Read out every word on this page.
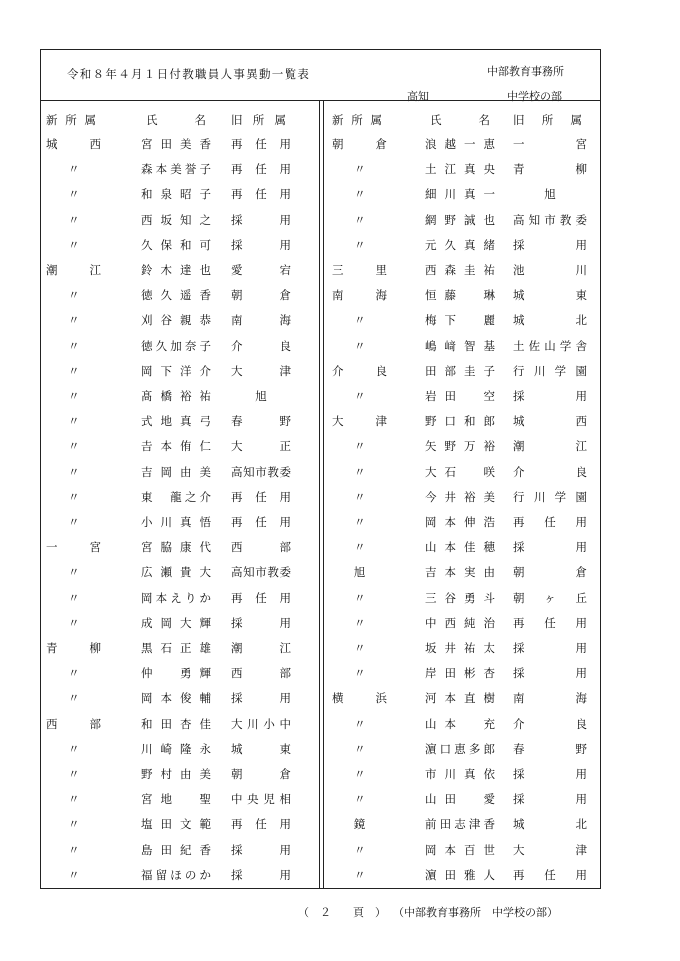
令和８年４月１日付教職員人事異動一覧表	中部教育事務所
高知	中学校の部
新所属	氏　名 旧所属
城　西	宮田美香 再任用
〃	森本美誉子 再任用
〃	和泉昭子 再任用
〃	西坂知之 採　用
〃	久保和可 採　用
潮　江	鈴木達也 愛　宕
〃	徳久遥香 朝　倉
〃	刈谷親恭 南　海
〃	徳久加奈子 介　良
〃	岡下洋介 大　津
〃	髙橋裕祐	旭
〃	式地真弓 春　野
〃	𠮷本侑仁 大　正
〃	吉岡由美 高知市教委
〃	東　龍之介 再任用
〃	小川真悟 再任用
一　宮	宮脇康代 西　部
〃	広瀬貴大 高知市教委
〃	岡本えりか 再任用
〃	成岡大輝 採　用
青　柳	黒石正雄 潮　江
〃	仲　勇輝 西　部
〃	岡本俊輔 採　用
西　部	和田杏佳 大川小中
〃	川崎隆永 城　東
〃	野村由美 朝　倉
〃	宮地　聖 中央児相
〃	塩田文範 再任用
〃	島田紀香 採　用
〃	福留ほのか 採　用
新所属	氏　名 旧所属
朝　倉	浪越一恵 一　宮
〃	土江真央 青　柳
〃	細川真一	旭
〃	網野誠也 高知市教委
〃	元久真緒 採　用
三　里	西森圭祐 池　川
南　海	恒藤　琳 城　東
〃	梅下　麗 城　北
〃	嶋﨑智基 土佐山学舎
介　良	田部圭子 行川学園
〃	岩田　空 採　用
大　津	野口和郎 城　西
〃	矢野万裕 潮　江
〃	大石　咲 介　良
〃	今井裕美 行川学園
〃	岡本伸浩 再任用
〃	山本佳穂 採　用
旭	吉本実由 朝　倉
〃	三谷勇斗 朝ヶ丘
〃	中西純治 再任用
〃	坂井祐太 採　用
〃	岸田彬杏 採　用
横　浜	河本直樹 南　海
〃	山本　充 介　良
〃	濵口恵多郎 春　野
〃	市川真依 採　用
〃	山田　愛 採　用
鏡	前田志津香 城　北
〃	岡本百世 大　津
〃	濵田雅人 再任用
（　２　　頁　） （中部教育事務所　中学校の部）
